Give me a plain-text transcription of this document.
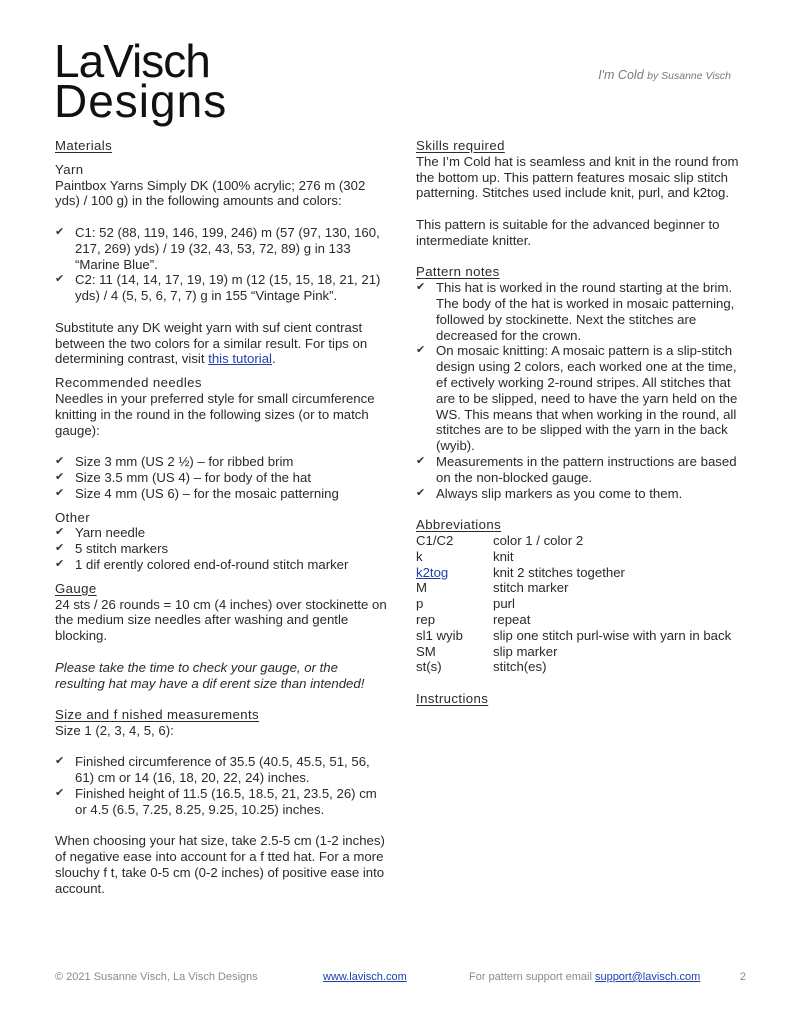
LaVisch
Designs	I'm Cold by Susanne Visch
Materials
Yarn
Paintbox Yarns Simply DK (100% acrylic; 276 m (302 yds) / 100 g) in the following amounts and colors:
✔ C1: 52 (88, 119, 146, 199, 246) m (57 (97, 130, 160, 217, 269) yds) / 19 (32, 43, 53, 72, 89) g in 133 “Marine Blue”.
✔ C2: 11 (14, 14, 17, 19, 19) m (12 (15, 15, 18, 21, 21) yds) / 4 (5, 5, 6, 7, 7) g in 155 “Vintage Pink”.
Substitute any DK weight yarn with suf cient contrast between the two colors for a similar result. For tips on determining contrast, visit this tutorial.
Recommended needles
Needles in your preferred style for small circumference knitting in the round in the following sizes (or to match gauge):
✔ Size 3 mm (US 2 ½) – for ribbed brim
✔ Size 3.5 mm (US 4) – for body of the hat
✔ Size 4 mm (US 6) – for the mosaic patterning
Other
✔ Yarn needle
✔ 5 stitch markers
✔ 1 dif erently colored end-of-round stitch marker
Gauge
24 sts / 26 rounds = 10 cm (4 inches) over stockinette on the medium size needles after washing and gentle blocking.
Please take the time to check your gauge, or the resulting hat may have a dif erent size than intended!
Size and f nished measurements
Size 1 (2, 3, 4, 5, 6):
✔ Finished circumference of 35.5 (40.5, 45.5, 51, 56, 61) cm or 14 (16, 18, 20, 22, 24) inches.
✔ Finished height of 11.5 (16.5, 18.5, 21, 23.5, 26) cm or 4.5 (6.5, 7.25, 8.25, 9.25, 10.25) inches.
When choosing your hat size, take 2.5-5 cm (1-2 inches) of negative ease into account for a f tted hat. For a more slouchy f t, take 0-5 cm (0-2 inches) of positive ease into account.
Skills required
The I’m Cold hat is seamless and knit in the round from the bottom up. This pattern features mosaic slip stitch patterning. Stitches used include knit, purl, and k2tog.
This pattern is suitable for the advanced beginner to intermediate knitter.
Pattern notes
✔ This hat is worked in the round starting at the brim. The body of the hat is worked in mosaic patterning, followed by stockinette. Next the stitches are decreased for the crown.
✔ On mosaic knitting: A mosaic pattern is a slip-stitch design using 2 colors, each worked one at the time, ef ectively working 2-round stripes. All stitches that are to be slipped, need to have the yarn held on the WS. This means that when working in the round, all stitches are to be slipped with the yarn in the back (wyib).
✔ Measurements in the pattern instructions are based on the non-blocked gauge.
✔ Always slip markers as you come to them.
Abbreviations
C1/C2	color 1 / color 2
k	knit
k2tog	knit 2 stitches together
M	stitch marker
p	purl
rep	repeat
sl1 wyib	slip one stitch purl-wise with yarn in back
SM	slip marker
st(s)	stitch(es)
Instructions
© 2021 Susanne Visch, La Visch Designs	www.lavisch.com	For pattern support email support@lavisch.com	2
